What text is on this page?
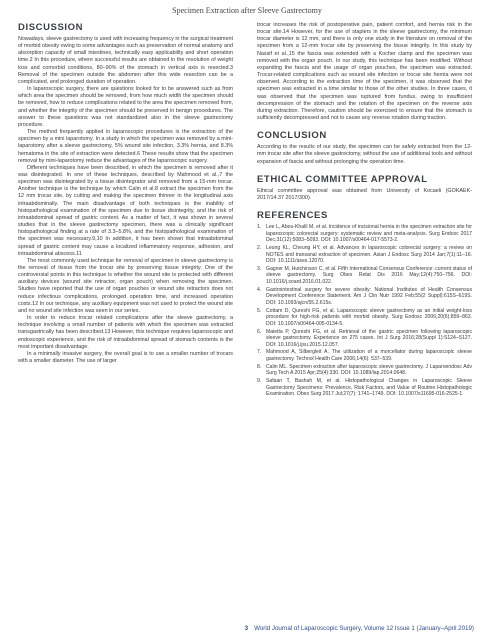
Specimen Extraction after Sleeve Gastrectomy
DISCUSSION

Nowadays, sleeve gastrectomy is used with increasing frequency in the surgical treatment of morbid obesity owing to some advantages such as preservation of normal anatomy and absorption capacity of small intestines, technically easy applicability and short operation time.2 In this procedure, where successful results are obtained in the resolution of weight loss and comorbid conditions, 80–90% of the stomach in vertical axis is resected.3 Removal of the specimen outside the abdomen after this wide resection can be a complicated, and prolonged duration of operation.

In laparoscopic surgery, there are questions looked for to be answered such as from which area the specimen should be removed, from how much width the specimen should be removed, how to reduce complications related to the area the specimen removed from, and whether the integrity of the specimen should be preserved in benign procedures. The answer to these questions was not standardized also in the sleeve gastrectomy procedure.

The method frequently applied in laparoscopic procedures is the extraction of the specimen by a mini laparotomy. In a study in which the specimen was removed by a mini-laparotomy after a sleeve gastrectomy, 5% wound site infection, 3.3% hernia, and 8.3% hematoma in the site of extraction were detected.6 These results show that the specimen removal by mini-laparotomy reduce the advantages of the laparoscopic surgery.

Different techniques have been described, in which the specimen is removed after it was disintegrated. In one of these techniques, described by Mahmood et al.,7 the specimen was disintegrated by a tissue disintegrator and removed from a 15-mm trocar. Another technique is the technique by which Calin et al.8 extract the specimen from the 12 mm trocar site, by cutting and making the specimen thinner in the longitudinal axis intraabdominally. The main disadvantage of both techniques is the inability of histopathological examination of the specimen due to tissue disintegrity, and the risk of intraabdominal spread of gastric content. As a matter of fact, it was shown in several studies that in the sleeve gastrectomy specimen, there was a clinically significant histopathological finding at a rate of 3.3–5.8%, and the histopathological examination of the specimen was necessary.9,10 In addition, it has been shown that intraabdominal spread of gastric content may cause a localized inflammatory response, adhesion, and intraabdominal abscess.11

The most commonly used technique for removal of specimen in sleeve gastrectomy is the removal of tissue from the trocar site by preserving tissue integrity. One of the controversial points in this technique is whether the wound site is protected with different auxiliary devices (wound site retractor, organ pouch) when removing the specimen. Studies have reported that the use of organ pouches or wound site retractors does not reduce infectious complications, prolonged operation time, and increased operation costs.12 In our technique, any auxiliary equipment was not used to protect the wound site and no wound site infection was seen in our series.

In order to reduce trocar related complications after the sleeve gastrectomy, a technique involving a small number of patients with which the specimen was extracted transgastrically has been described.13 However, this technique requires laparoscopic and endoscopic experience, and the risk of intraabdominal spread of stomach contents is the most important disadvantage.

In a minimally invasive surgery, the overall goal is to use a smaller number of trocars with a smaller diameter. The use of larger

trocar increases the risk of postoperative pain, patient comfort, and hernia risk in the trocar site.14 However, for the use of staplers in the sleeve gastrectomy, the minimum trocar diameter is 12 mm, and there is only one study in the literature on removal of the specimen from a 12-mm trocar site by preserving the tissue integrity. In this study by Nassif et al.,15 the fascia was extended with a Kocher clamp and the specimen was removed with the organ pouch. In our study, this technique has been modified. Without expanding the fascia and the usage of organ pouches, the specimen was extracted. Trocar-related complications such as wound site infection or trocar site hernia were not observed. According to the extraction time of the specimen, it was observed that the specimen was extracted in a time similar to those of the other studies. In three cases, it was observed that the specimen was ruptured from fundus, owing to insufficient decompression of the stomach and the rotation of the specimen on the reverse axis during extraction. Therefore, caution should be exercised to ensure that the stomach is sufficiently decompressed and not to cause any reverse rotation during traction.

CONCLUSION

According to the results of our study, the specimen can be safely extracted from the 12-mm trocar site after the sleeve gastrectomy, without the use of additional tools and without expansion of fascia and without prolonging the operation time.

ETHICAL COMMITTEE APPROVAL

Ethical committee approval was obtained from University of Kocaeli (GOKAEK-2017/14.37 2017/300).

REFERENCES
1. Lee L, Abou-Khalil M, et al. Incidence of incisional hernia in the specimen extraction site for laparoscopic colorectal surgery: systematic review and meta-analysis. Surg Endosc 2017 Dec;31(12):5083–5093. DOI: 10.1007/s00464-017-5573-2.
2. Leung KL, Cheung HY, et al. Advances in laparoscopic colorectal surgery: a review on NOTES and transanal extraction of specimen. Asian J Endosc Surg 2014 Jan;7(1):11–16. DOI: 10.1111/ases.12070.
3. Gagner M, Hutchinson C, et al. Fifth International Consensus Conference: current status of sleeve gastrectomy. Surg Obes Relat Dis 2016 May;12(4):750–756. DOI: 10.1016/j.soard.2016.01.022.
4. Gastrointestinal surgery for severe obesity: National Institutes of Health Consensus Development Conference Statement. Am J Clin Nutr 1992 Feb;55(2 Suppl):615S–619S. DOI: 10.1093/ajcn/55.2.615s.
5. Cottam D, Qureshi FG, et al. Laparoscopic sleeve gastrectomy as an initial weight-loss procedure for high-risk patients with morbid obesity. Surg Endosc 2006;20(6):859–863. DOI: 10.1007/s00464-005-0134-5.
6. Maietta P, Qureshi FG, et al. Retrieval of the gastric specimen following laparoscopic sleeve gastrectomy. Experience on 275 cases. Int J Surg 2016;28(Suppl 1):S124–S127. DOI: 10.1016/j.ijsu.2015.12.057.
7. Mahmood A, Silbergleit A. The utilization of a morcellator during laparoscopic sleeve gastrectomy. Technol Health Care 2006;14(6): 537–539.
8. Calin ML. Specimen extraction after laparoscopic sleeve gastrectomy. J Laparoendosc Adv Surg Tech A 2015 Apr;25(4):330. DOI: 10.1089/lap.2014.0648.
9. Safaan T, Bashah M, et al. Histopathological Changes in Laparoscopic Sleeve Gastrectomy Specimens: Prevalence, Risk Factors, and Value of Routine Histopathologic Examination. Obes Surg 2017 Jul;27(7): 1741–1749. DOI: 10.1007/s11695-016-2525-1.
3 World Journal of Laparoscopic Surgery, Volume 12 Issue 1 (January–April 2019)
